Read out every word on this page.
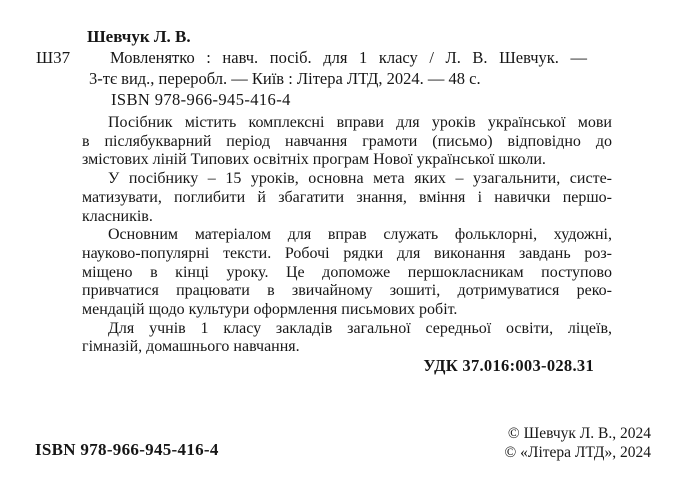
Шевчук Л. В.
Ш37 Мовленятко : навч. посіб. для 1 класу / Л. В. Шевчук. —
3-тє вид., переробл. — Київ : Літера ЛТД, 2024. — 48 с.
ISBN 978-966-945-416-4
Посібник містить комплексні вправи для уроків української мови
в післябукварний період навчання грамоти (письмо) відповідно до
змістових ліній Типових освітніх програм Нової української школи.
У посібнику – 15 уроків, основна мета яких – узагальнити, систе-
матизувати, поглибити й збагатити знання, вміння і навички першо-
класників.
Основним матеріалом для вправ служать фольклорні, художні,
науково-популярні тексти. Робочі рядки для виконання завдань роз-
міщено в кінці уроку. Це допоможе першокласникам поступово
привчатися працювати в звичайному зошиті, дотримуватися реко-
мендацій щодо культури оформлення письмових робіт.
Для учнів 1 класу закладів загальної середньої освіти, ліцеїв,
гімназій, домашнього навчання.
УДК 37.016:003-028.31
ISBN 978-966-945-416-4
© Шевчук Л. В., 2024
© «Літера ЛТД», 2024
